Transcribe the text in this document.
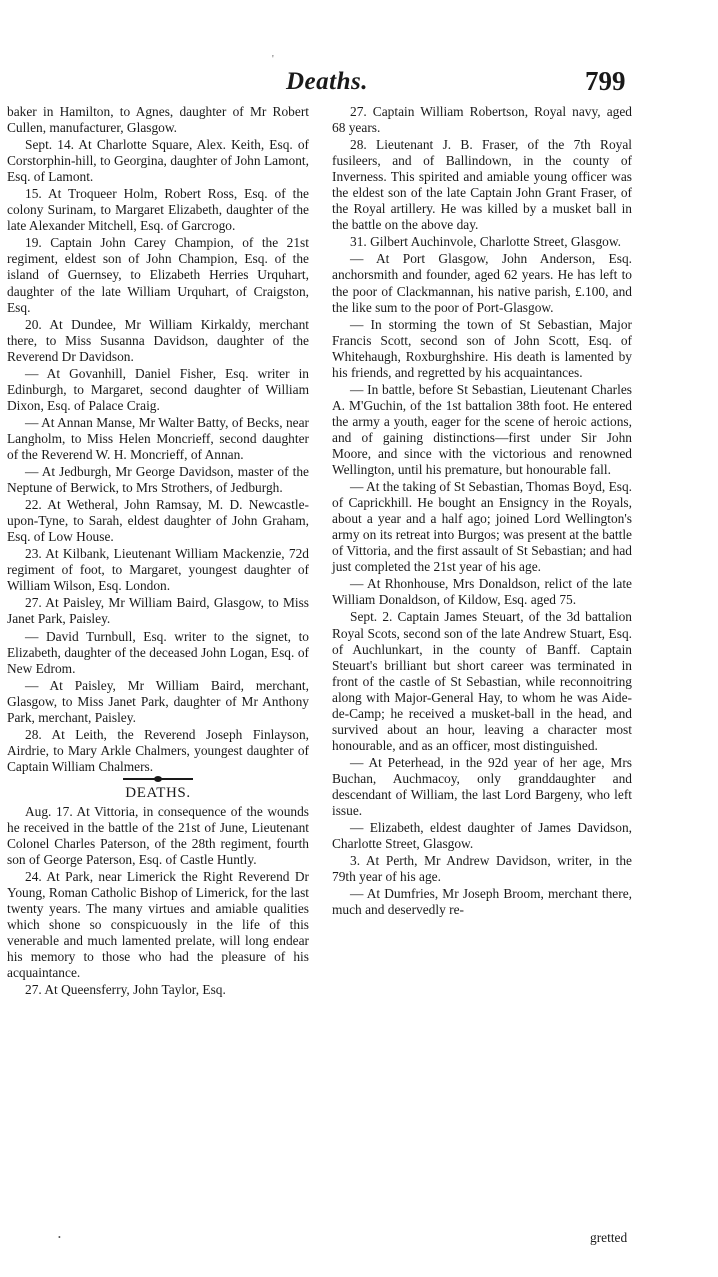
'
Deaths.	799

baker in Hamilton, to Agnes, daughter of Mr Robert Cullen, manufacturer, Glasgow.

Sept. 14. At Charlotte Square, Alex. Keith, Esq. of Corstorphin-hill, to Georgina, daughter of John Lamont, Esq. of Lamont.

15. At Troqueer Holm, Robert Ross, Esq. of the colony Surinam, to Margaret Elizabeth, daughter of the late Alexander Mitchell, Esq. of Garcrogo.

19. Captain John Carey Champion, of the 21st regiment, eldest son of John Champion, Esq. of the island of Guernsey, to Elizabeth Herries Urquhart, daughter of the late William Urquhart, of Craigston, Esq.

20. At Dundee, Mr William Kirkaldy, merchant there, to Miss Susanna Davidson, daughter of the Reverend Dr Davidson.

— At Govanhill, Daniel Fisher, Esq. writer in Edinburgh, to Margaret, second daughter of William Dixon, Esq. of Palace Craig.

— At Annan Manse, Mr Walter Batty, of Becks, near Langholm, to Miss Helen Moncrieff, second daughter of the Reverend W. H. Moncrieff, of Annan.

— At Jedburgh, Mr George Davidson, master of the Neptune of Berwick, to Mrs Strothers, of Jedburgh.

22. At Wetheral, John Ramsay, M. D. Newcastle-upon-Tyne, to Sarah, eldest daughter of John Graham, Esq. of Low House.

23. At Kilbank, Lieutenant William Mackenzie, 72d regiment of foot, to Margaret, youngest daughter of William Wilson, Esq. London.

27. At Paisley, Mr William Baird, Glasgow, to Miss Janet Park, Paisley.

— David Turnbull, Esq. writer to the signet, to Elizabeth, daughter of the deceased John Logan, Esq. of New Edrom.

— At Paisley, Mr William Baird, merchant, Glasgow, to Miss Janet Park, daughter of Mr Anthony Park, merchant, Paisley.

28. At Leith, the Reverend Joseph Finlayson, Airdrie, to Mary Arkle Chalmers, youngest daughter of Captain William Chalmers.

DEATHS.

Aug. 17. At Vittoria, in consequence of the wounds he received in the battle of the 21st of June, Lieutenant Colonel Charles Paterson, of the 28th regiment, fourth son of George Paterson, Esq. of Castle Huntly.

24. At Park, near Limerick the Right Reverend Dr Young, Roman Catholic Bishop of Limerick, for the last twenty years. The many virtues and amiable qualities which shone so conspicuously in the life of this venerable and much lamented prelate, will long endear his memory to those who had the pleasure of his acquaintance.

27. At Queensferry, John Taylor, Esq.

27. Captain William Robertson, Royal navy, aged 68 years.

28. Lieutenant J. B. Fraser, of the 7th Royal fusileers, and of Ballindown, in the county of Inverness. This spirited and amiable young officer was the eldest son of the late Captain John Grant Fraser, of the Royal artillery. He was killed by a musket ball in the battle on the above day.

31. Gilbert Auchinvole, Charlotte Street, Glasgow.

— At Port Glasgow, John Anderson, Esq. anchorsmith and founder, aged 62 years. He has left to the poor of Clackmannan, his native parish, £.100, and the like sum to the poor of Port-Glasgow.

— In storming the town of St Sebastian, Major Francis Scott, second son of John Scott, Esq. of Whitehaugh, Roxburghshire. His death is lamented by his friends, and regretted by his acquaintances.

— In battle, before St Sebastian, Lieutenant Charles A. M'Guchin, of the 1st battalion 38th foot. He entered the army a youth, eager for the scene of heroic actions, and of gaining distinctions—first under Sir John Moore, and since with the victorious and renowned Wellington, until his premature, but honourable fall.

— At the taking of St Sebastian, Thomas Boyd, Esq. of Caprickhill. He bought an Ensigncy in the Royals, about a year and a half ago; joined Lord Wellington's army on its retreat into Burgos; was present at the battle of Vittoria, and the first assault of St Sebastian; and had just completed the 21st year of his age.

— At Rhonhouse, Mrs Donaldson, relict of the late William Donaldson, of Kildow, Esq. aged 75.

Sept. 2. Captain James Steuart, of the 3d battalion Royal Scots, second son of the late Andrew Stuart, Esq. of Auchlunkart, in the county of Banff. Captain Steuart's brilliant but short career was terminated in front of the castle of St Sebastian, while reconnoitring along with Major-General Hay, to whom he was Aide-de-Camp; he received a musket-ball in the head, and survived about an hour, leaving a character most honourable, and as an officer, most distinguished.

— At Peterhead, in the 92d year of her age, Mrs Buchan, Auchmacoy, only granddaughter and descendant of William, the last Lord Bargeny, who left issue.

— Elizabeth, eldest daughter of James Davidson, Charlotte Street, Glasgow.

3. At Perth, Mr Andrew Davidson, writer, in the 79th year of his age.

— At Dumfries, Mr Joseph Broom, merchant there, much and deservedly re-

gretted
•
